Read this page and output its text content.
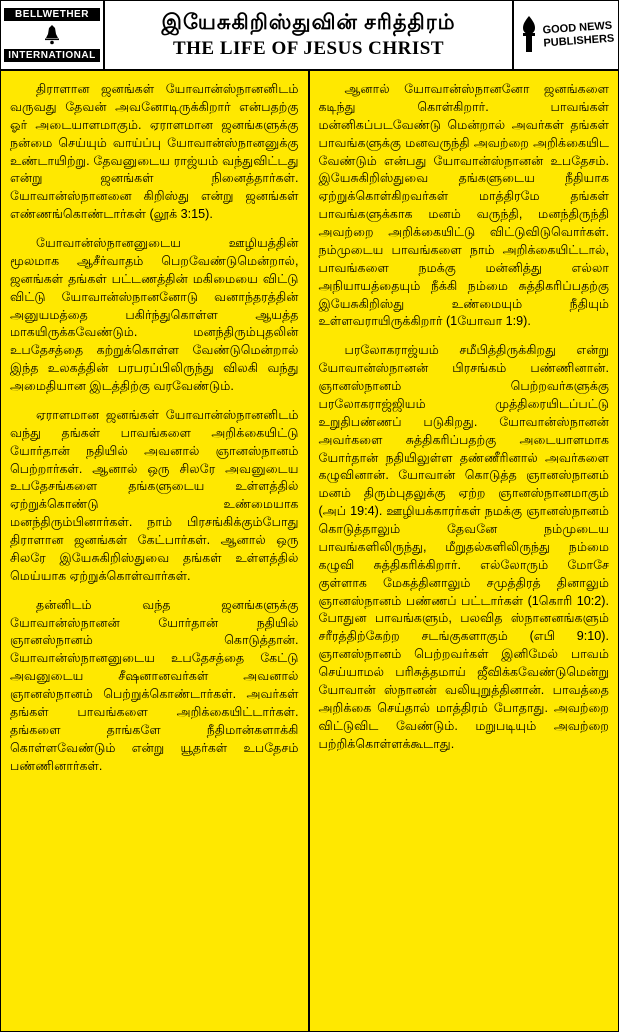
BELLWETHER
INTERNATIONAL
இயேசுகிறிஸ்துவின் சரித்திரம்
THE LIFE OF JESUS CHRIST
GOOD NEWS
PUBLISHERS

திராளான ஜனங்கள் யோவான்ஸ்நானனிடம் வருவது தேவன் அவனோடிருக்கிறார் என்பதற்கு ஓர் அடையாளமாகும். ஏராளமான ஜனங்களுக்கு நன்மை செய்யும் வாய்ப்பு யோவான்ஸ்நானனுக்கு உண்டாயிற்று. தேவனுடைய ராஜ்யம் வந்துவிட்டது என்று ஜனங்கள் நினைத்தார்கள். யோவான்ஸ்நானனை கிறிஸ்து என்று ஜனங்கள் எண்ணங்கொண்டார்கள் (லூக் 3:15).

யோவான்ஸ்நானனுடைய ஊழியத்தின் மூலமாக ஆசீர்வாதம் பெறவேண்டுமென்றால், ஜனங்கள் தங்கள் பட்டணத்தின் மகிமையை விட்டு விட்டு யோவான்ஸ்நானனோடு வனாந்தரத்தின் அனுயமத்தை பகிர்ந்துகொள்ள ஆயத்த மாகயிருக்கவேண்டும். மனந்திரும்புதலின் உபதேசத்தை கற்றுக்கொள்ள வேண்டுமென்றால் இந்த உலகத்தின் பரபரப்பிலிருந்து விலகி வந்து அமைதியான இடத்திற்கு வரவேண்டும்.

ஏராளமான ஜனங்கள் யோவான்ஸ்நானனிடம் வந்து தங்கள் பாவங்களை அறிக்கையிட்டு யோர்தான் நதியில் அவனால் ஞானஸ்நானம் பெற்றார்கள். ஆனால் ஒரு சிலரே அவனுடைய உபதேசங்களை தங்களுடைய உள்ளத்தில் ஏற்றுக்கொண்டு உண்மையாக மனந்திரும்பினார்கள். நாம் பிரசங்கிக்கும்போது திராளான ஜனங்கள் கேட்பார்கள். ஆனால் ஒரு சிலரே இயேசுகிறிஸ்துவை தங்கள் உள்ளத்தில் மெய்யாக ஏற்றுக்கொள்வார்கள்.

தன்னிடம் வந்த ஜனங்களுக்கு யோவான்ஸ்நானன் யோர்தான் நதியில் ஞானஸ்நானம் கொடுத்தான். யோவான்ஸ்நானனுடைய உபதேசத்தை கேட்டு அவனுடைய சீஷனானவர்கள் அவனால் ஞானஸ்நானம் பெற்றுக்கொண்டார்கள். அவர்கள் தங்கள் பாவங்களை அறிக்கையிட்டார்கள். தங்களை தாங்களே நீதிமான்களாக்கி கொள்ளவேண்டும் என்று யூதர்கள் உபதேசம் பண்ணினார்கள்.

ஆனால் யோவான்ஸ்நானனோ ஜனங்களை கடிந்து கொள்கிறார். பாவங்கள் மன்னிகப்படவேண்டு மென்றால் அவர்கள் தங்கள் பாவங்களுக்கு மனவருந்தி அவற்றை அறிக்கையிட வேண்டும் என்பது யோவான்ஸ்நானன் உபதேசம். இயேசுகிறிஸ்துவை தங்களுடைய நீதியாக ஏற்றுக்கொள்கிறவர்கள் மாத்திரமே தங்கள் பாவங்களுக்காக மனம் வருந்தி, மனந்திருந்தி அவற்றை அறிக்கையிட்டு விட்டுவிடுவொர்கள். நம்முடைய பாவங்களை நாம் அறிக்கையிட்டால், பாவங்களை நமக்கு மன்னித்து எல்லா அநியாயத்தையும் நீக்கி நம்மை சுத்திகரிப்பதற்கு இயேசுகிறிஸ்து உண்மையும் நீதியும் உள்ளவராயிருக்கிறார் (1யோவா 1:9).

பரலோகராஜ்யம் சமீபித்திருக்கிறது என்று யோவான்ஸ்நானன் பிரசங்கம் பண்ணினான். ஞானஸ்நானம் பெற்றவர்களுக்கு பரலோகராஜ்ஜியம் முத்திரையிடப்பட்டு உறுதிபண்ணப் படுகிறது. யோவான்ஸ்நானன் அவர்களை சுத்திகரிப்பதற்கு அடையாளமாக யோர்தான் நதியிலுள்ள தண்ணீரினால் அவர்களை கழுவினான். யோவான் கொடுத்த ஞானஸ்நானம் மனம் திரும்புதலுக்கு ஏற்ற ஞானஸ்நானமாகும் (அப் 19:4). ஊழியக்காரர்கள் நமக்கு ஞானஸ்நானம் கொடுத்தாலும் தேவனே நம்முடைய பாவங்களிலிருந்து, மீறுதல்களிலிருந்து நம்மை கழுவி சுத்திகரிக்கிறார். எல்லோரும் மோசே குள்ளாக மேகத்தினாலும் சமுத்திரத் தினாலும் ஞானஸ்நானம் பண்ணப் பட்டார்கள் (1கொரி 10:2). போதுன பாவங்களும், பலவித ஸ்நானனங்களும் சரீரத்திற்கேற்ற சடங்குகளாகும் (எபி 9:10). ஞானஸ்நானம் பெற்றவர்கள் இனிமேல் பாவம் செய்யாமல் பரிசுத்தமாய் ஜீவிக்கவேண்டுமென்று யோவான் ஸ்நானன் வலியுறுத்தினான். பாவத்தை அறிக்கை செய்தால் மாத்திரம் போதாது. அவற்றை விட்டுவிட வேண்டும். மறுபடியும் அவற்றை பற்றிக்கொள்ளக்கூடாது.
